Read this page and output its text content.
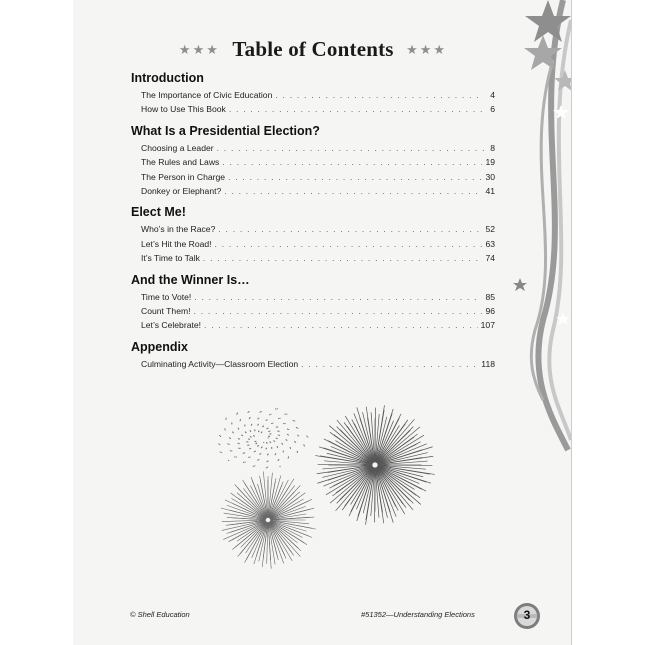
★★★ Table of Contents ★★★
Introduction
The Importance of Civic Education . . .	4
How to Use This Book . . .	6
What Is a Presidential Election?
Choosing a Leader . . .	8
The Rules and Laws . . .	19
The Person in Charge . . .	30
Donkey or Elephant? . . .	41
Elect Me!
Who’s in the Race? . . .	52
Let’s Hit the Road! . . .	63
It’s Time to Talk . . .	74
And the Winner Is…
Time to Vote! . . .	85
Count Them! . . .	96
Let’s Celebrate! . . .	107
Appendix
Culminating Activity—Classroom Election . . .	118
© Shell Education	#51352—Understanding Elections	3
